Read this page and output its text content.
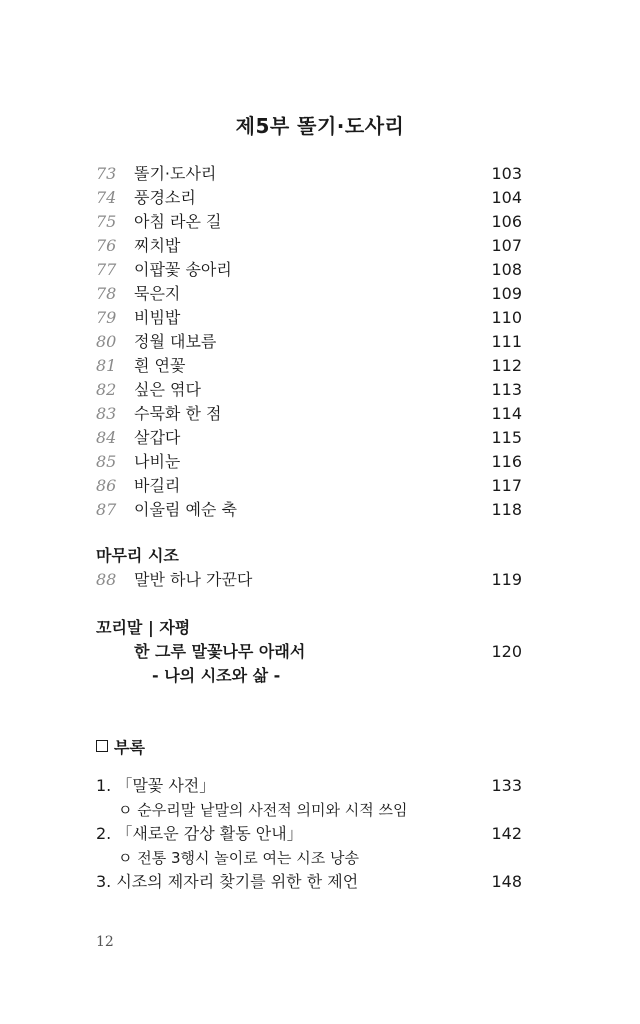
제5부 똘기·도사리
73	똘기·도사리	103
74	풍경소리	104
75	아침 라온 길	106
76	찌치밥	107
77	이팝꽃 송아리	108
78	묵은지	109
79	비빔밥	110
80	정월 대보름	111
81	흰 연꽃	112
82	싶은 엮다	113
83	수묵화 한 점	114
84	살갑다	115
85	나비눈	116
86	바길리	117
87	이울림 예순 축	118
마무리 시조
88	말반 하나 가꾼다	119
꼬리말 | 자평
한 그루 말꽃나무 아래서	120
- 나의 시조와 삶 -
부록
1. 「말꽃 사전」	133
ㅇ 순우리말 낱말의 사전적 의미와 시적 쓰임
2. 「새로운 감상 활동 안내」	142
ㅇ 전통 3행시 놀이로 여는 시조 낭송
3. 시조의 제자리 찾기를 위한 한 제언	148
12
